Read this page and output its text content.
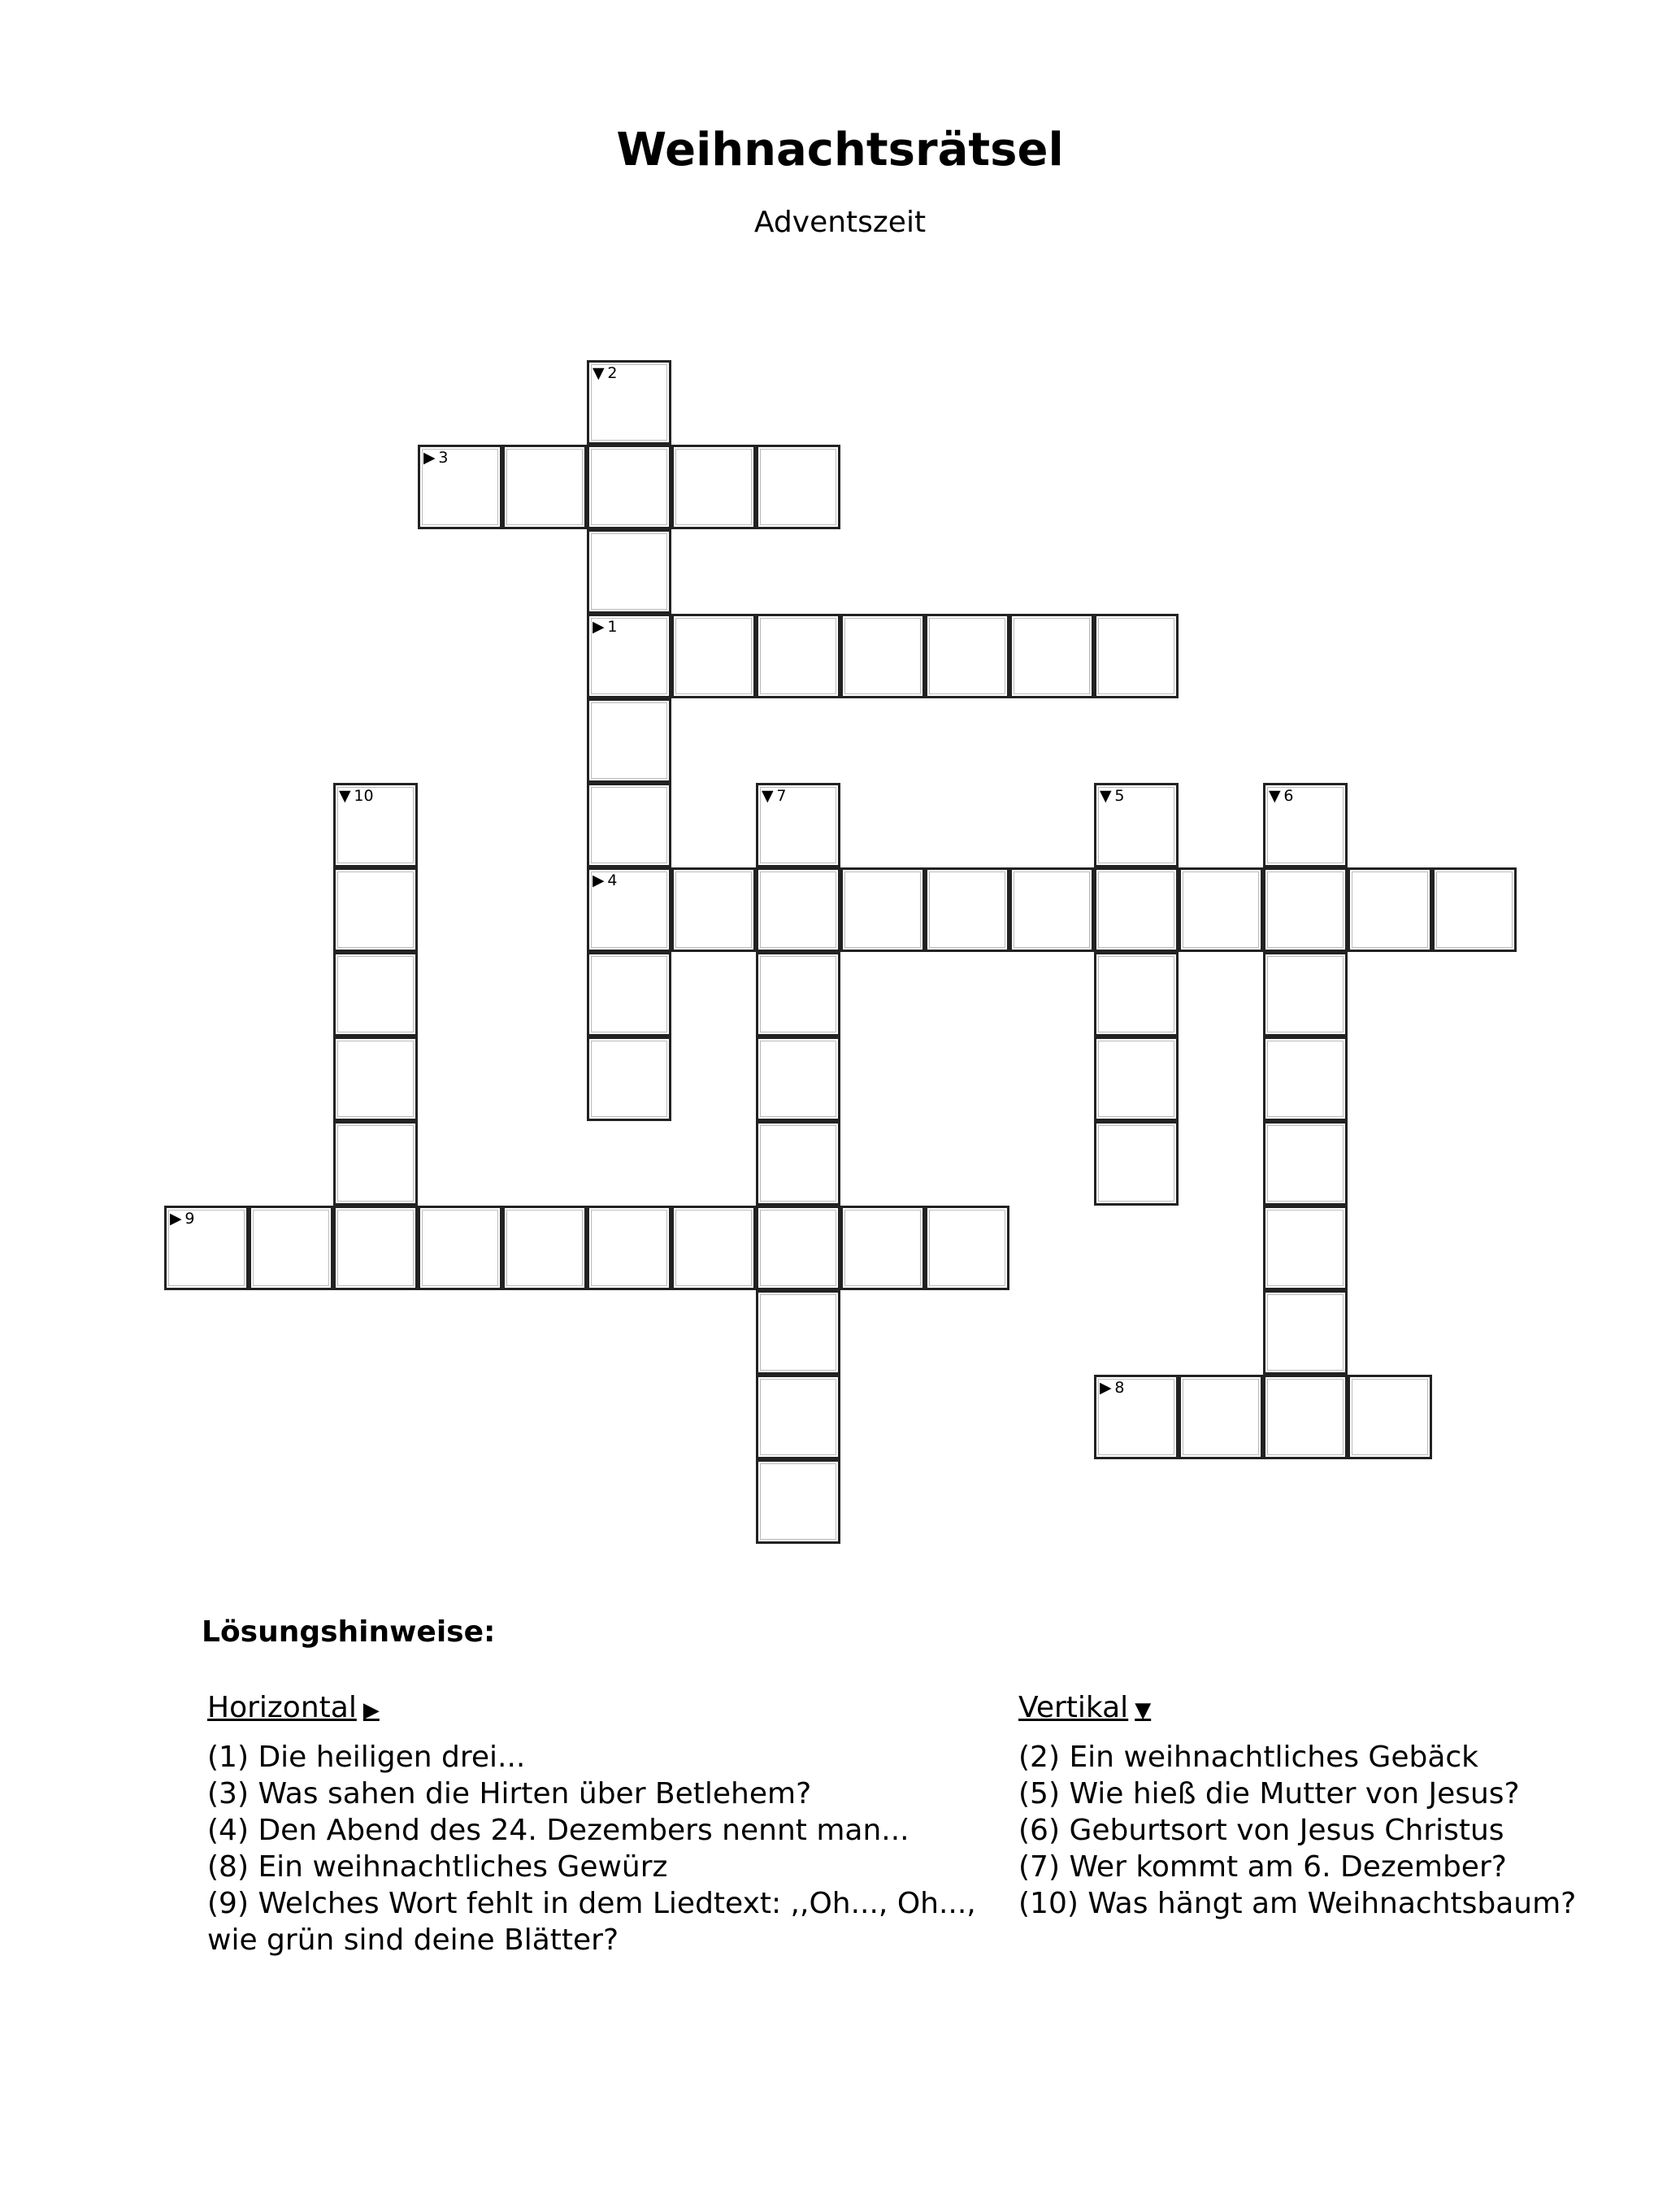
Weihnachtsrätsel
Adventszeit
▶ 1
▼ 2
▶ 4
▶ 3
▼ 5	▼ 6
▼ 7
▶ 8
▶ 9
▼ 10
Lösungshinweise:
Horizontal ▶
(1) Die heiligen drei...
(3) Was sahen die Hirten über Betlehem?
(4) Den Abend des 24. Dezembers nennt man...
(8) Ein weihnachtliches Gewürz
(9) Welches Wort fehlt in dem Liedtext: ,,Oh..., Oh..., wie grün sind deine Blätter?
Vertikal ▼
(2) Ein weihnachtliches Gebäck
(5) Wie hieß die Mutter von Jesus?
(6) Geburtsort von Jesus Christus
(7) Wer kommt am 6. Dezember?
(10) Was hängt am Weihnachtsbaum?
